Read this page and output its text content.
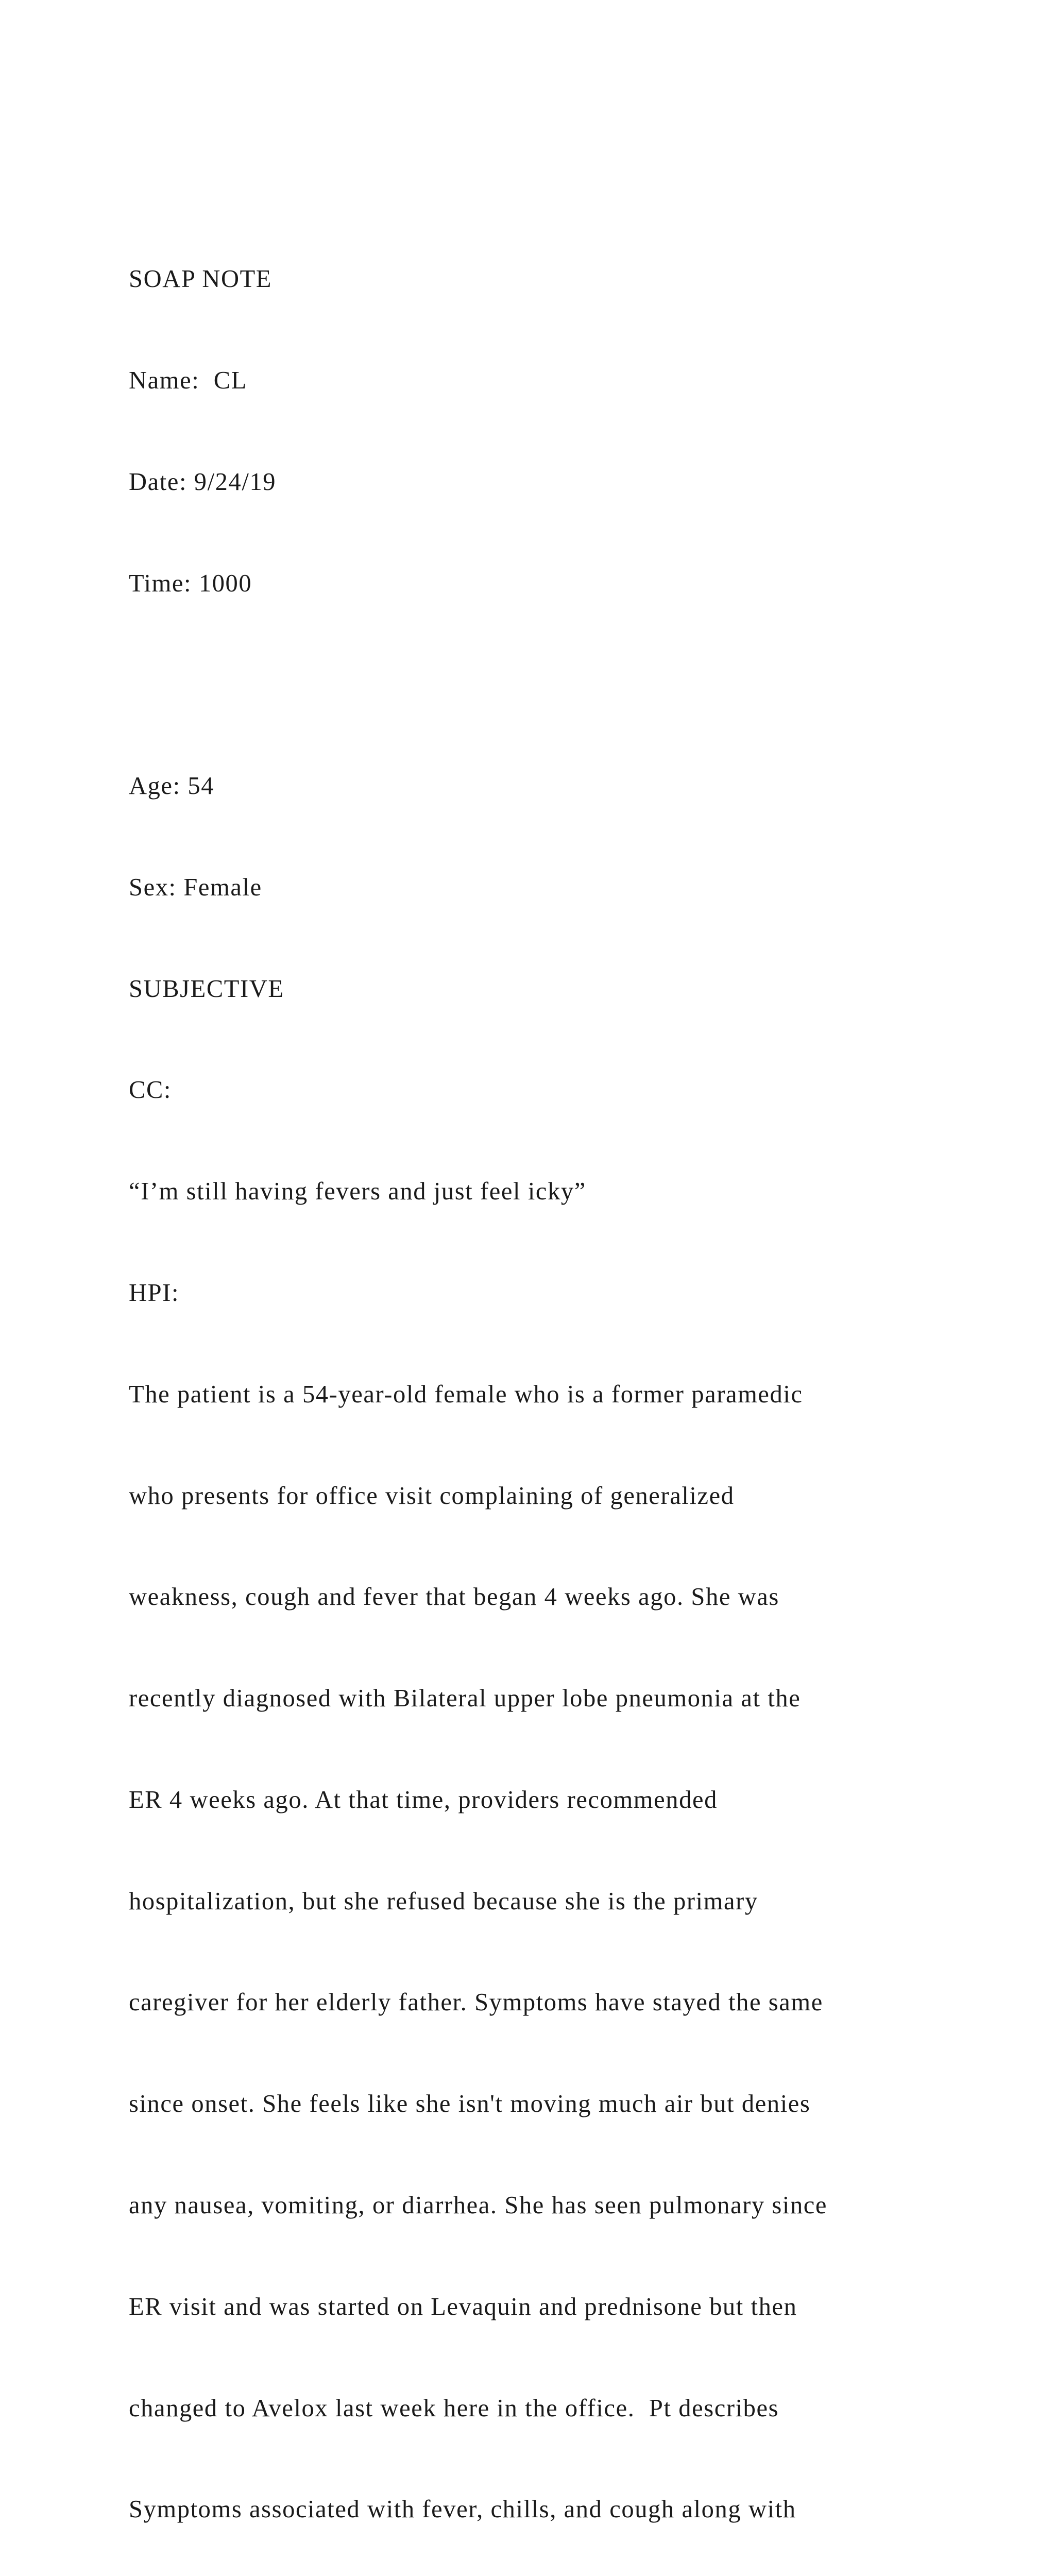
SOAP NOTE

Name:  CL

Date: 9/24/19

Time: 1000

Age: 54

Sex: Female

SUBJECTIVE

CC:

“I’m still having fevers and just feel icky”

HPI:

The patient is a 54-year-old female who is a former paramedic

who presents for office visit complaining of generalized

weakness, cough and fever that began 4 weeks ago. She was

recently diagnosed with Bilateral upper lobe pneumonia at the

ER 4 weeks ago. At that time, providers recommended

hospitalization, but she refused because she is the primary

caregiver for her elderly father. Symptoms have stayed the same

since onset. She feels like she isn't moving much air but denies

any nausea, vomiting, or diarrhea. She has seen pulmonary since

ER visit and was started on Levaquin and prednisone but then

changed to Avelox last week here in the office.  Pt describes

Symptoms associated with fever, chills, and cough along with
